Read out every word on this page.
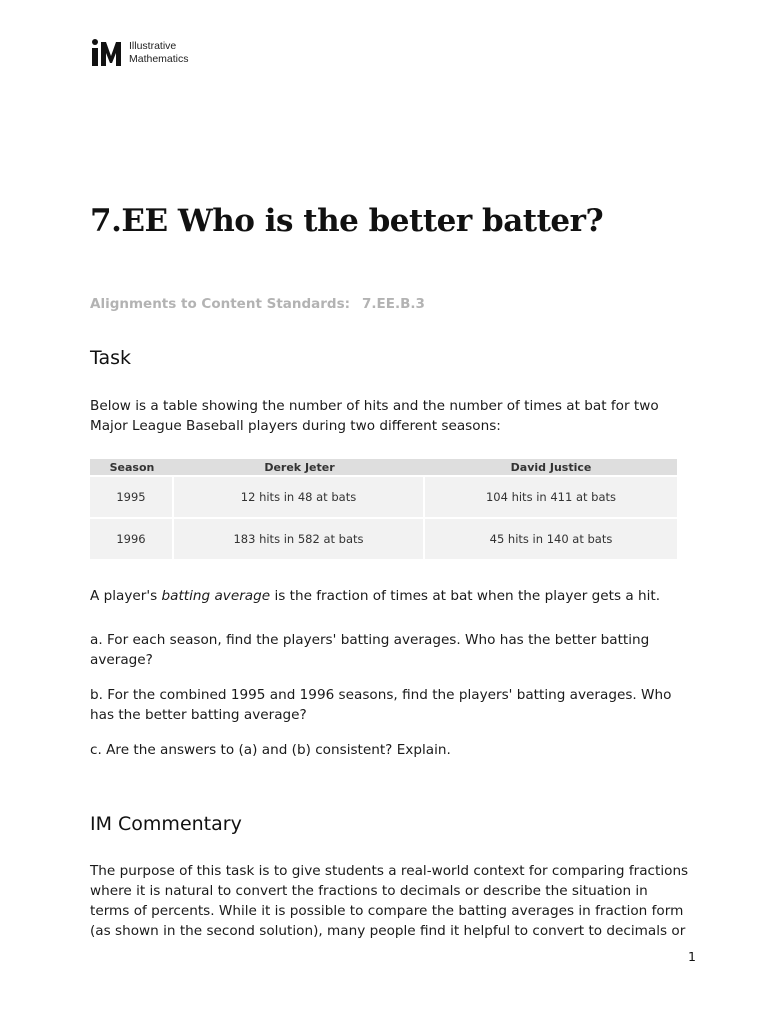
Illustrative
Mathematics
7.EE Who is the better batter?
Alignments to Content Standards: 7.EE.B.3
Task

Below is a table showing the number of hits and the number of times at bat for two Major League Baseball players during two different seasons:

Season	Derek Jeter	David Justice
1995	12 hits in 48 at bats	104 hits in 411 at bats
1996	183 hits in 582 at bats	45 hits in 140 at bats

A player's batting average is the fraction of times at bat when the player gets a hit.

a. For each season, find the players' batting averages. Who has the better batting average?

b. For the combined 1995 and 1996 seasons, find the players' batting averages. Who has the better batting average?

c. Are the answers to (a) and (b) consistent? Explain.

IM Commentary

The purpose of this task is to give students a real-world context for comparing fractions where it is natural to convert the fractions to decimals or describe the situation in terms of percents. While it is possible to compare the batting averages in fraction form (as shown in the second solution), many people find it helpful to convert to decimals or

1
